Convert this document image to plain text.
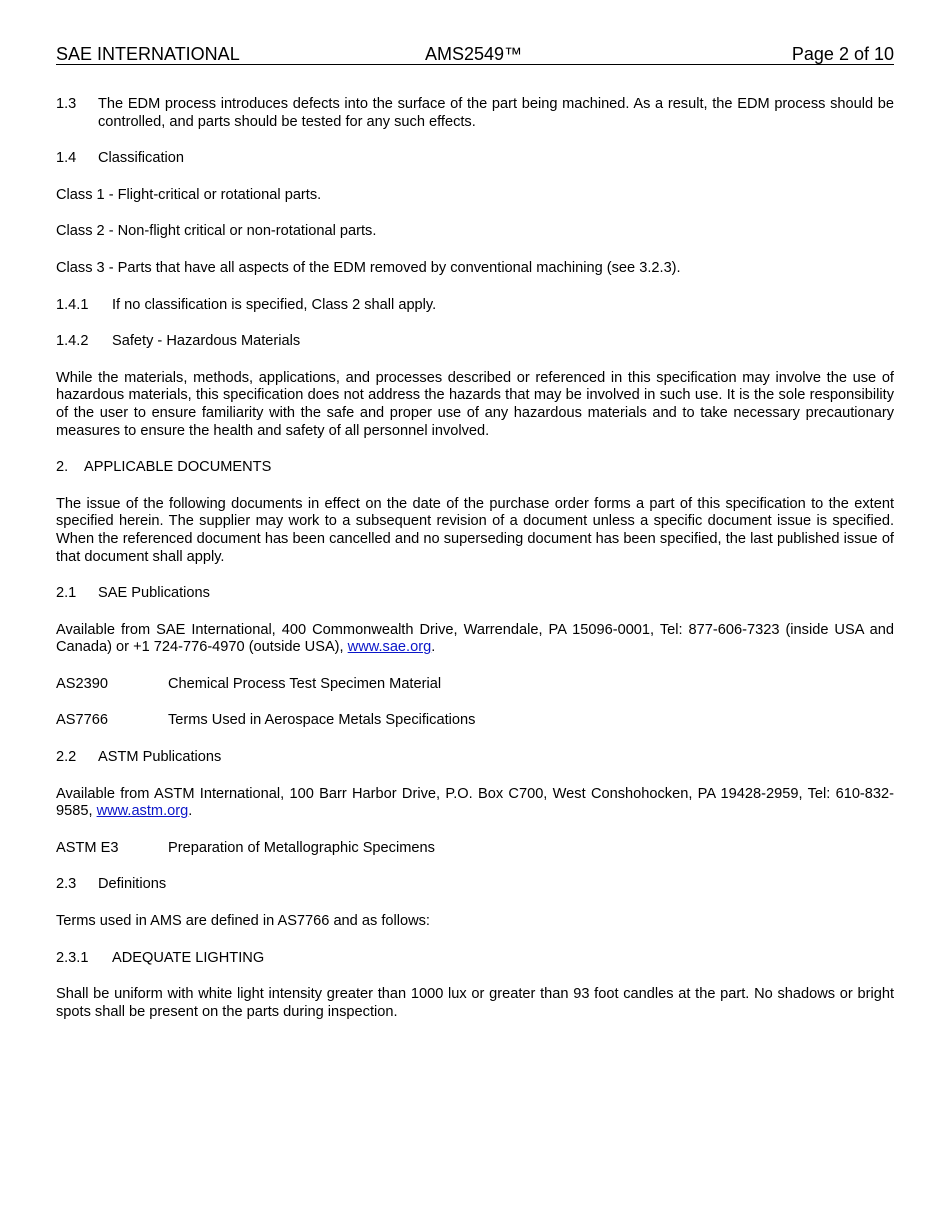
SAE INTERNATIONAL	AMS2549™	Page 2 of 10

1.3	The EDM process introduces defects into the surface of the part being machined. As a result, the EDM process should be controlled, and parts should be tested for any such effects.

1.4	Classification

Class 1 - Flight-critical or rotational parts.

Class 2 - Non-flight critical or non-rotational parts.

Class 3 - Parts that have all aspects of the EDM removed by conventional machining (see 3.2.3).

1.4.1	If no classification is specified, Class 2 shall apply.

1.4.2	Safety - Hazardous Materials

While the materials, methods, applications, and processes described or referenced in this specification may involve the use of hazardous materials, this specification does not address the hazards that may be involved in such use. It is the sole responsibility of the user to ensure familiarity with the safe and proper use of any hazardous materials and to take necessary precautionary measures to ensure the health and safety of all personnel involved.

2.	APPLICABLE DOCUMENTS

The issue of the following documents in effect on the date of the purchase order forms a part of this specification to the extent specified herein. The supplier may work to a subsequent revision of a document unless a specific document issue is specified. When the referenced document has been cancelled and no superseding document has been specified, the last published issue of that document shall apply.

2.1	SAE Publications

Available from SAE International, 400 Commonwealth Drive, Warrendale, PA 15096-0001, Tel: 877-606-7323 (inside USA and Canada) or +1 724-776-4970 (outside USA), www.sae.org.

AS2390	Chemical Process Test Specimen Material

AS7766	Terms Used in Aerospace Metals Specifications

2.2	ASTM Publications

Available from ASTM International, 100 Barr Harbor Drive, P.O. Box C700, West Conshohocken, PA 19428-2959, Tel: 610-832-9585, www.astm.org.

ASTM E3	Preparation of Metallographic Specimens

2.3	Definitions

Terms used in AMS are defined in AS7766 and as follows:

2.3.1	ADEQUATE LIGHTING

Shall be uniform with white light intensity greater than 1000 lux or greater than 93 foot candles at the part. No shadows or bright spots shall be present on the parts during inspection.
